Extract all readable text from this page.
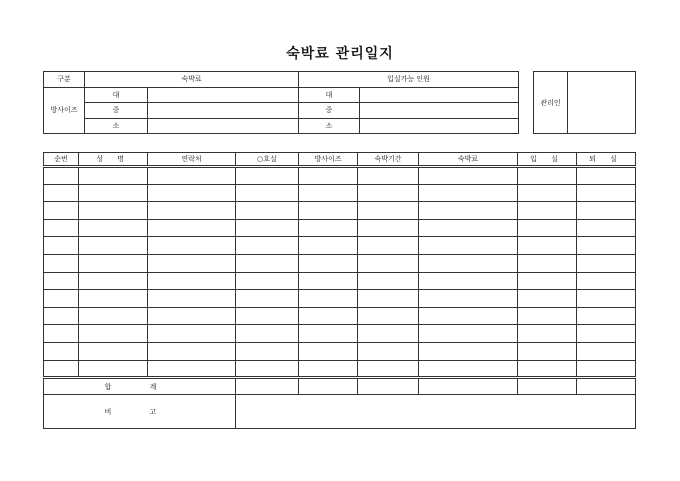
숙박료 관리일지
구분	숙박료		입실가능 인원	
방사이즈	대		대	
	중		중	
	소		소	
관리인	
순번	성 명	연락처	○호실	방사이즈	숙박기간	숙박료	입 실	퇴 실

합 계								
비 고								
